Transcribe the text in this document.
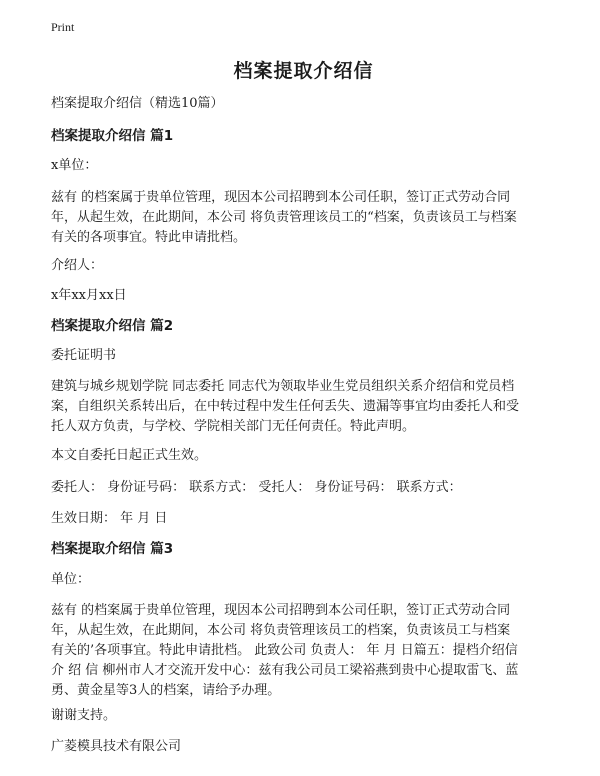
Print
档案提取介绍信
档案提取介绍信（精选10篇）
档案提取介绍信 篇1
x单位：
兹有 的档案属于贵单位管理，现因本公司招聘到本公司任职，签订正式劳动合同
年，从起生效，在此期间，本公司 将负责管理该员工的“档案，负责该员工与档案
有关的各项事宜。特此申请批档。
介绍人：
x年xx月xx日
档案提取介绍信 篇2
委托证明书
建筑与城乡规划学院 同志委托 同志代为领取毕业生党员组织关系介绍信和党员档
案，自组织关系转出后，在中转过程中发生任何丢失、遗漏等事宜均由委托人和受
托人双方负责，与学校、学院相关部门无任何责任。特此声明。
本文自委托日起正式生效。
委托人： 身份证号码： 联系方式： 受托人： 身份证号码： 联系方式：
生效日期： 年 月 日
档案提取介绍信 篇3
单位：
兹有 的档案属于贵单位管理，现因本公司招聘到本公司任职，签订正式劳动合同
年，从起生效，在此期间，本公司 将负责管理该员工的档案，负责该员工与档案
有关的’各项事宜。特此申请批档。 此致公司 负责人： 年 月 日篇五：提档介绍信
介 绍 信 柳州市人才交流开发中心：兹有我公司员工梁裕燕到贵中心提取雷飞、蓝
勇、黄金星等3人的档案，请给予办理。
谢谢支持。
广菱模具技术有限公司
